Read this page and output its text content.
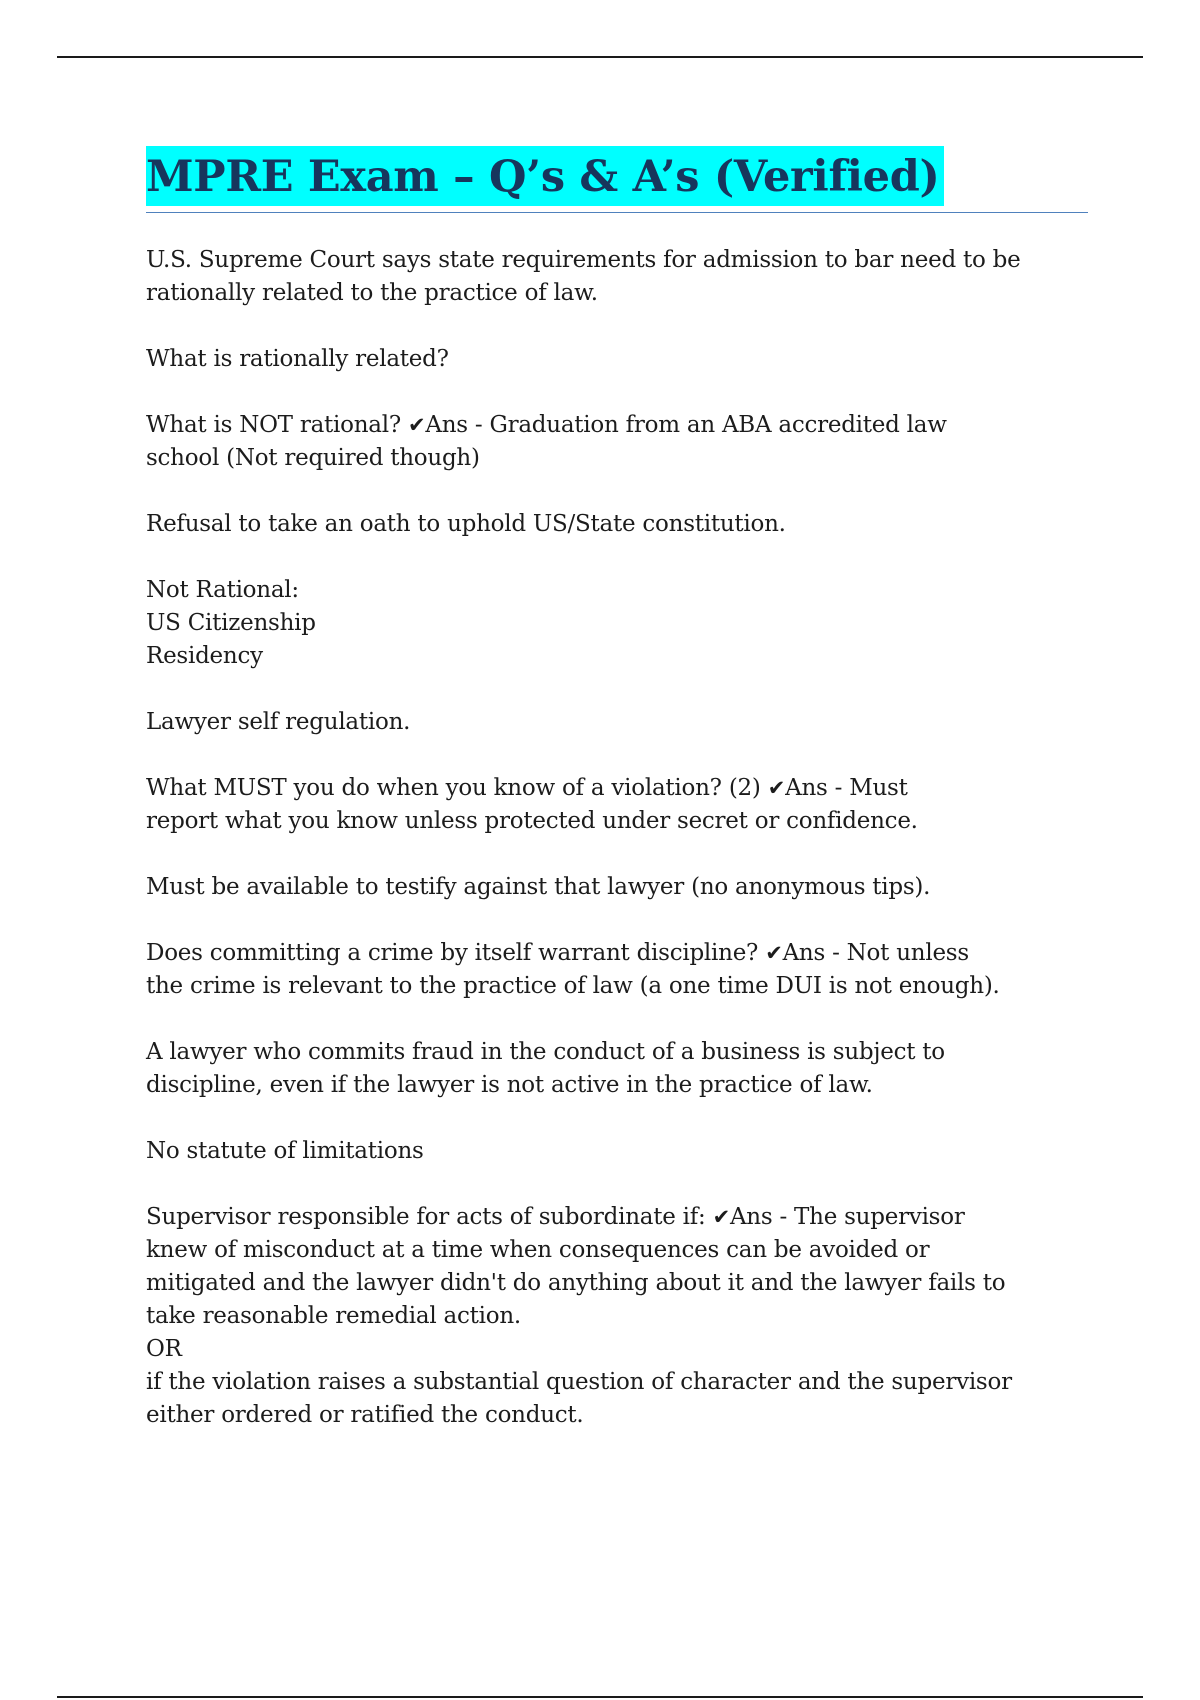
MPRE Exam – Q’s & A’s (Verified)
U.S. Supreme Court says state requirements for admission to bar need to be
rationally related to the practice of law.
What is rationally related?
What is NOT rational? ✔Ans - Graduation from an ABA accredited law
school (Not required though)
Refusal to take an oath to uphold US/State constitution.
Not Rational:
US Citizenship
Residency
Lawyer self regulation.
What MUST you do when you know of a violation? (2) ✔Ans - Must
report what you know unless protected under secret or confidence.
Must be available to testify against that lawyer (no anonymous tips).
Does committing a crime by itself warrant discipline? ✔Ans - Not unless
the crime is relevant to the practice of law (a one time DUI is not enough).
A lawyer who commits fraud in the conduct of a business is subject to
discipline, even if the lawyer is not active in the practice of law.
No statute of limitations
Supervisor responsible for acts of subordinate if: ✔Ans - The supervisor
knew of misconduct at a time when consequences can be avoided or
mitigated and the lawyer didn't do anything about it and the lawyer fails to
take reasonable remedial action.
OR
if the violation raises a substantial question of character and the supervisor
either ordered or ratified the conduct.
